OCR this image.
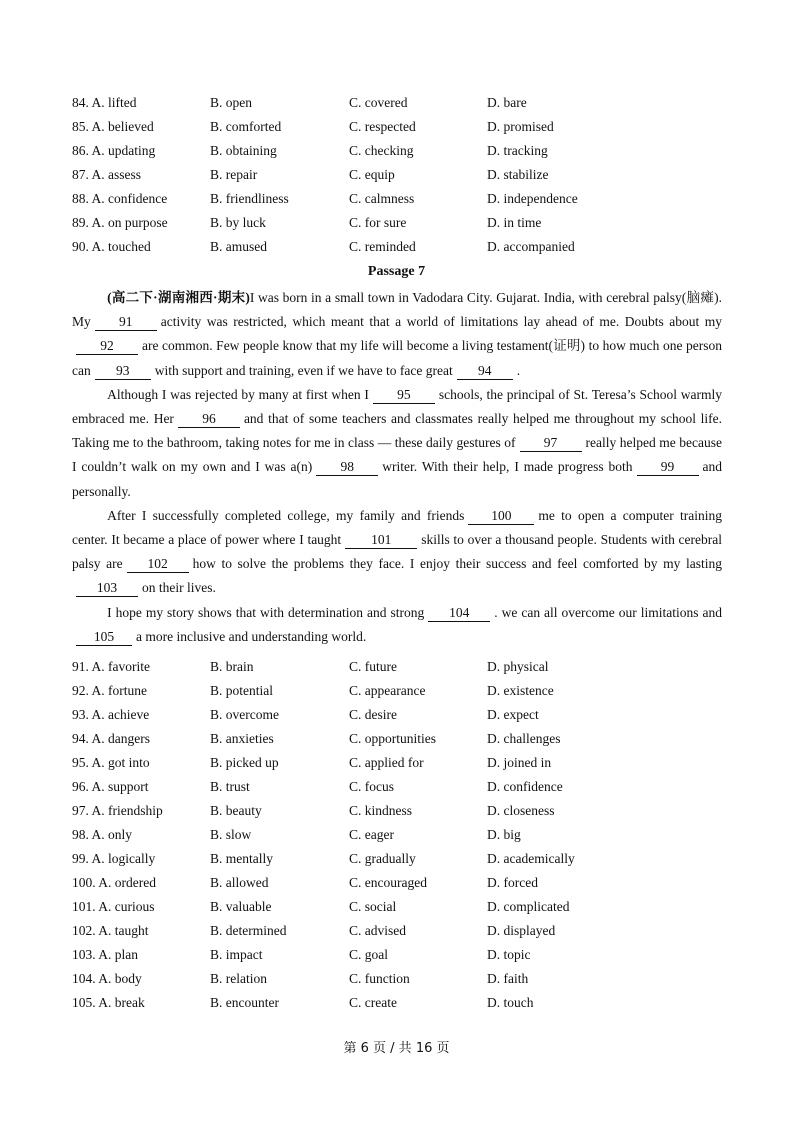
84. A. lifted	B. open	C. covered	D. bare
85. A. believed	B. comforted	C. respected	D. promised
86. A. updating	B. obtaining	C. checking	D. tracking
87. A. assess	B. repair	C. equip	D. stabilize
88. A. confidence	B. friendliness	C. calmness	D. independence
89. A. on purpose	B. by luck	C. for sure	D. in time
90. A. touched	B. amused	C. reminded	D. accompanied
Passage 7

(高二下·湖南湘西·期末)I was born in a small town in Vadodara City. Gujarat. India, with cerebral palsy(脑瘫). My 91 activity was restricted, which meant that a world of limitations lay ahead of me. Doubts about my92 are common. Few people know that my life will become a living testament(证明) to how much one person can 93 with support and training, even if we have to face great 94 .

Although I was rejected by many at first when I 95 schools, the principal of St. Teresa’s School warmly embraced me. Her 96 and that of some teachers and classmates really helped me throughout my school life. Taking me to the bathroom, taking notes for me in class — these daily gestures of 97 really helped me because I couldn’t walk on my own and I was a(n) 98 writer. With their help, I made progress both 99 and personally.

After I successfully completed college, my family and friends 100 me to open a computer training center. It became a place of power where I taught 101 skills to over a thousand people. Students with cerebral palsy are 102 how to solve the problems they face. I enjoy their success and feel comforted by my lasting103 on their lives.

I hope my story shows that with determination and strong 104 . we can all overcome our limitations and105 a more inclusive and understanding world.

91. A. favorite	B. brain	C. future	D. physical
92. A. fortune	B. potential	C. appearance	D. existence
93. A. achieve	B. overcome	C. desire	D. expect
94. A. dangers	B. anxieties	C. opportunities	D. challenges
95. A. got into	B. picked up	C. applied for	D. joined in
96. A. support	B. trust	C. focus	D. confidence
97. A. friendship	B. beauty	C. kindness	D. closeness
98. A. only	B. slow	C. eager	D. big
99. A. logically	B. mentally	C. gradually	D. academically
100. A. ordered	B. allowed	C. encouraged	D. forced
101. A. curious	B. valuable	C. social	D. complicated
102. A. taught	B. determined	C. advised	D. displayed
103. A. plan	B. impact	C. goal	D. topic
104. A. body	B. relation	C. function	D. faith
105. A. break	B. encounter	C. create	D. touch
第 6 页 / 共 16 页
